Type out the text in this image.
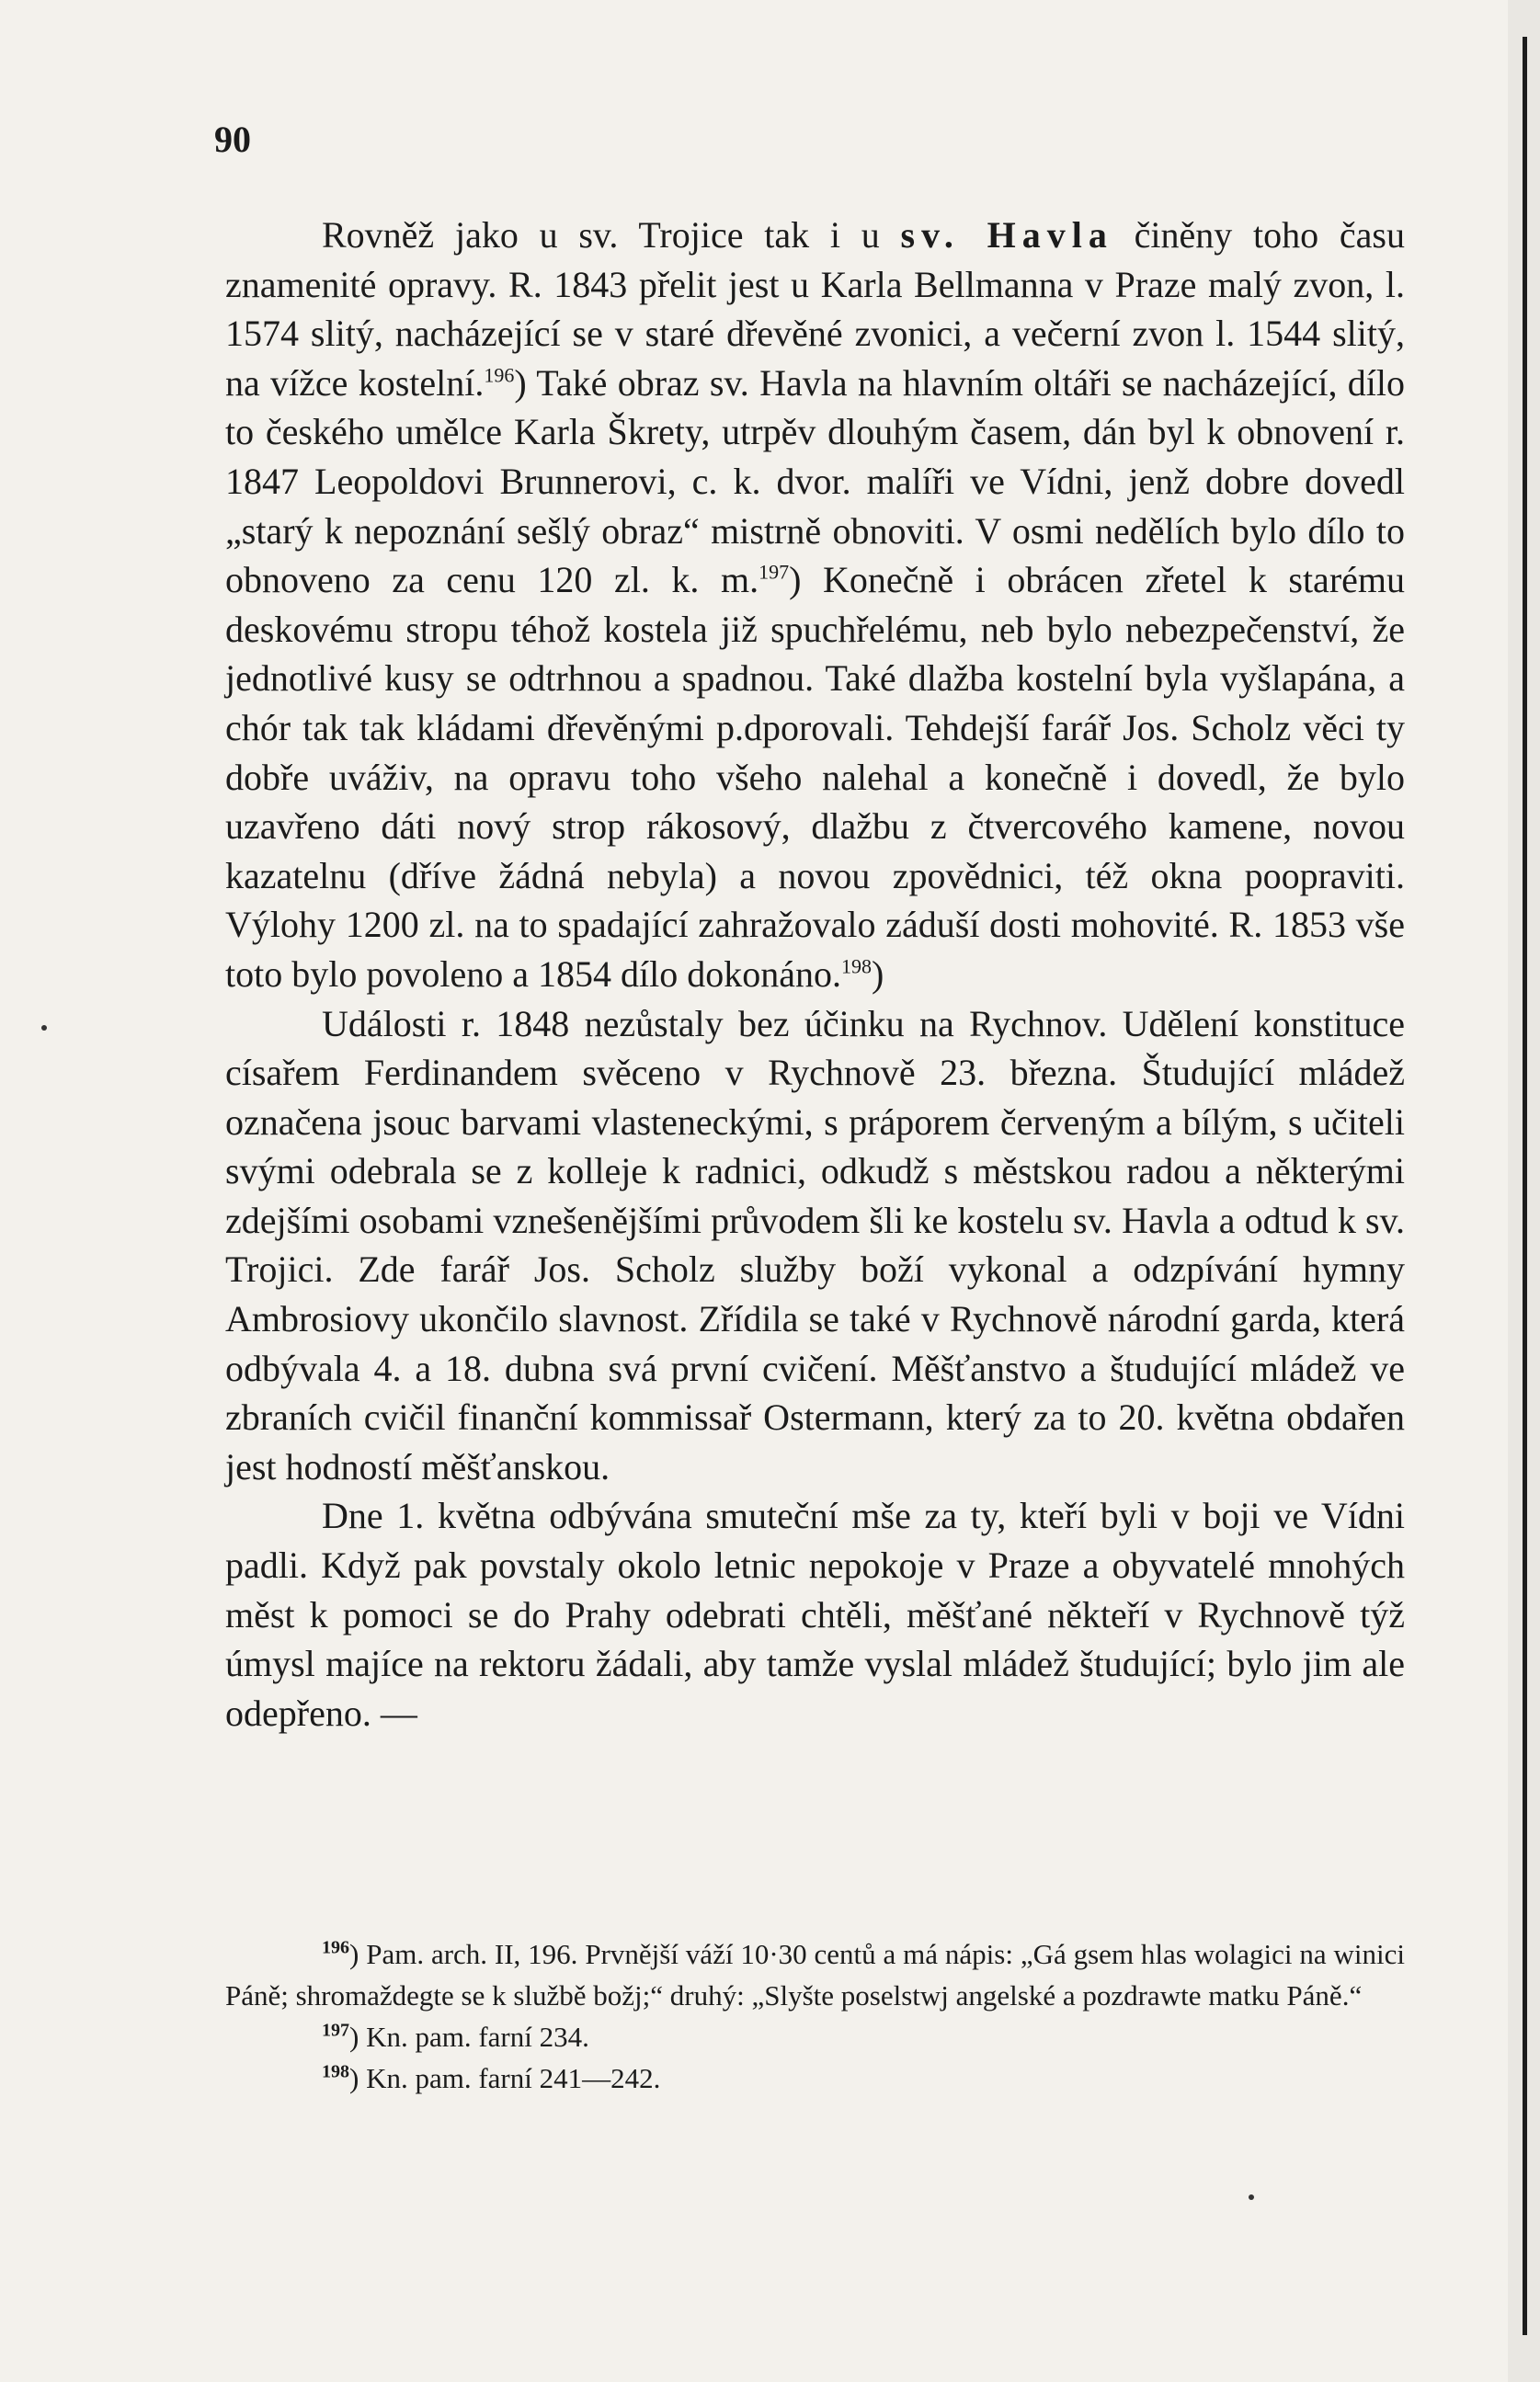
90

Rovněž jako u sv. Trojice tak i u sv. Havla činěny toho času znamenité opravy. R. 1843 přelit jest u Karla Bellmanna v Praze malý zvon, l. 1574 slitý, nacházející se v staré dřevěné zvonici, a večerní zvon l. 1544 slitý, na vížce kostelní.$^{196}$) Také obraz sv. Havla na hlavním oltáři se nacházející, dílo to českého umělce Karla Škrety, utrpěv dlouhým časem, dán byl k obnovení r. 1847 Leopoldovi Brunnerovi, c. k. dvor. malíři ve Vídni, jenž dobre dovedl „starý k nepoznání sešlý obraz“ mistrně obnoviti. V osmi nedělích bylo dílo to obnoveno za cenu 120 zl. k. m.$^{197}$) Konečně i obrácen zřetel k starému deskovému stropu téhož kostela již spuchřelému, neb bylo nebezpečenství, že jednotlivé kusy se odtrhnou a spadnou. Také dlažba kostelní byla vyšlapána, a chór tak tak kládami dřevěnými p.dporovali. Tehdejší farář Jos. Scholz věci ty dobře uváživ, na opravu toho všeho nalehal a konečně i dovedl, že bylo uzavřeno dáti nový strop rákosový, dlažbu z čtvercového kamene, novou kazatelnu (dříve žádná nebyla) a novou zpovědnici, též okna poopraviti. Výlohy 1200 zl. na to spadající zahražovalo záduší dosti mohovité. R. 1853 vše toto bylo povoleno a 1854 dílo dokonáno.$^{198}$)

Události r. 1848 nezůstaly bez účinku na Rychnov. Udělení konstituce císařem Ferdinandem svěceno v Rychnově 23. března. Študující mládež označena jsouc barvami vlasteneckými, s práporem červeným a bílým, s učiteli svými odebrala se z kolleje k radnici, odkudž s městskou radou a některými zdejšími osobami vznešenějšími průvodem šli ke kostelu sv. Havla a odtud k sv. Trojici. Zde farář Jos. Scholz služby boží vykonal a odzpívání hymny Ambrosiovy ukončilo slavnost. Zřídila se také v Rychnově národní garda, která odbývala 4. a 18. dubna svá první cvičení. Měšťanstvo a študující mládež ve zbraních cvičil finanční kommissař Ostermann, který za to 20. května obdařen jest hodností měšťanskou.

Dne 1. května odbývána smuteční mše za ty, kteří byli v boji ve Vídni padli. Když pak povstaly okolo letnic nepokoje v Praze a obyvatelé mnohých měst k pomoci se do Prahy odebrati chtěli, měšťané někteří v Rychnově týž úmysl majíce na rektoru žádali, aby tamže vyslal mládež študující; bylo jim ale odepřeno. —

$^{196}$) Pam. arch. II, 196. Prvnější váží 10·30 centů a má nápis: „Gá gsem hlas wolagici na winici Páně; shromaždegte se k službě božj;“ druhý: „Slyšte poselstwj angelské a pozdrawte matku Páně.“

$^{197}$) Kn. pam. farní 234.

$^{198}$) Kn. pam. farní 241—242.
